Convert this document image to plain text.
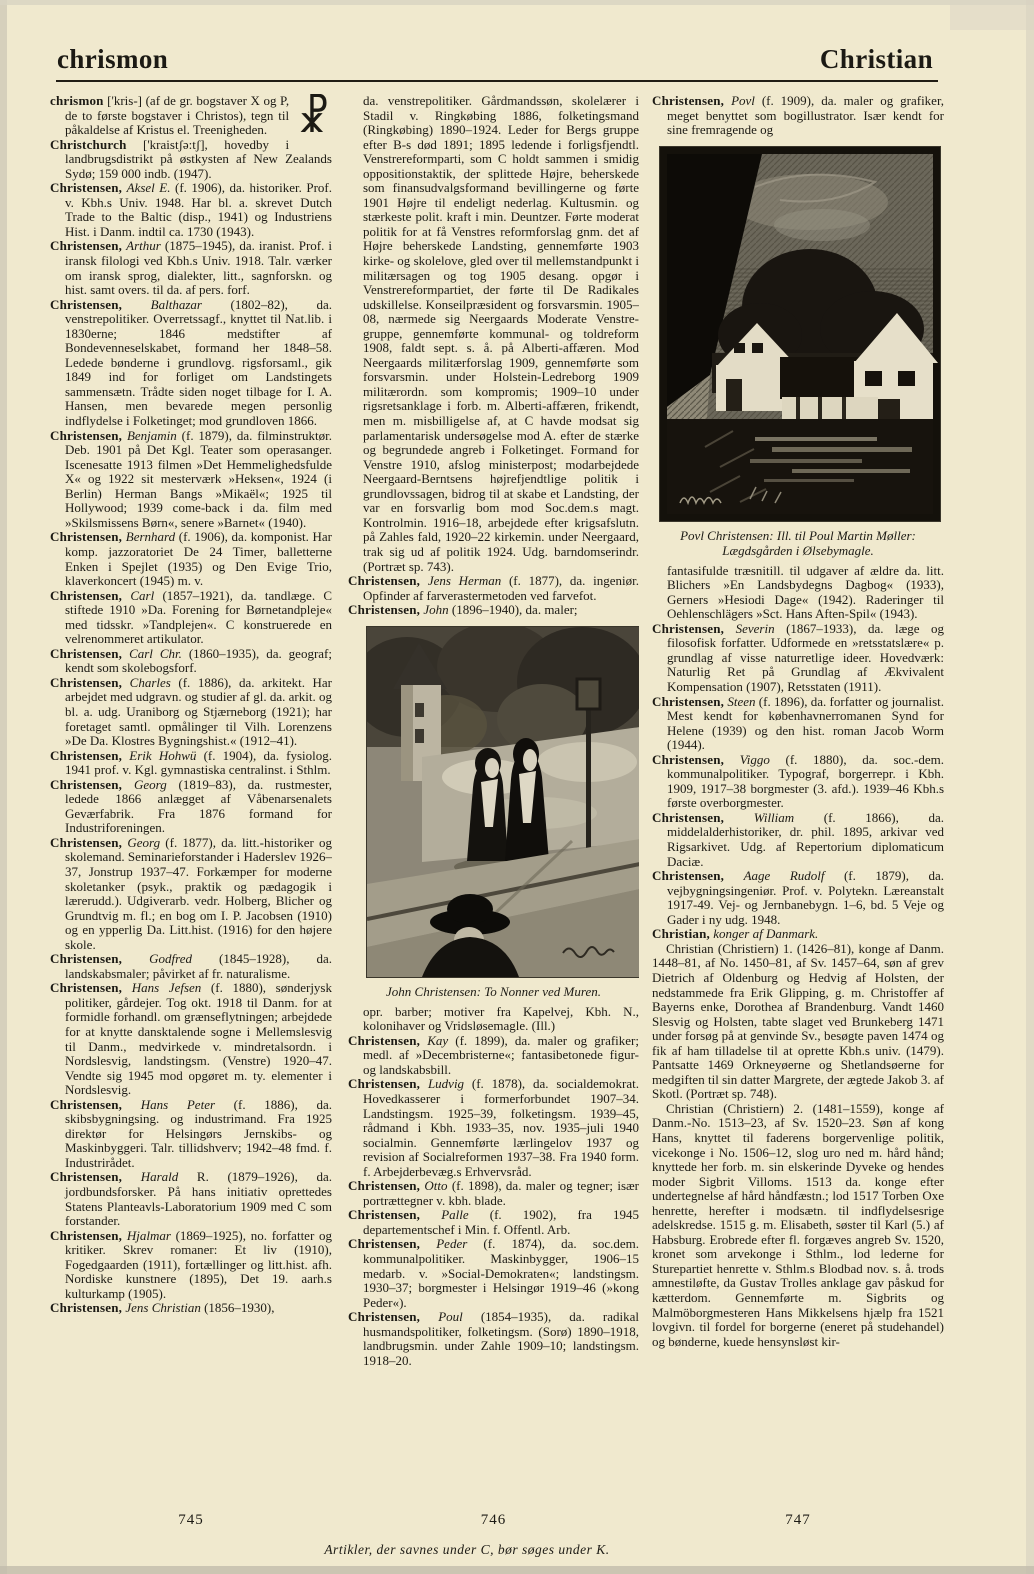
chrismon	Christian
☧
chrismon ['kris-] (af de gr. bogstaver X og P, de to første bogstaver i Christos), tegn til påkaldelse af Kristus el. Treenigheden.
Christchurch ['kraistʃə:tʃ], hovedby i landbrugsdistrikt på østkysten af New Zealands Sydø; 159 000 indb. (1947).
Christensen, Aksel E. (f. 1906), da. historiker. Prof. v. Kbh.s Univ. 1948. Har bl. a. skrevet Dutch Trade to the Baltic (disp., 1941) og Industriens Hist. i Danm. indtil ca. 1730 (1943).
Christensen, Arthur (1875–1945), da. iranist. Prof. i iransk filologi ved Kbh.s Univ. 1918. Talr. værker om iransk sprog, dialekter, litt., sagnforskn. og hist. samt overs. til da. af pers. forf.
Christensen, Balthazar (1802–82), da. venstrepolitiker. Overretssagf., knyttet til Nat.lib. i 1830erne; 1846 medstifter af Bondevenneselskabet, formand her 1848–58. Ledede bønderne i grundlovg. rigsforsaml., gik 1849 ind for forliget om Landstingets sammensætn. Trådte siden noget tilbage for I. A. Hansen, men bevarede megen personlig indflydelse i Folketinget; mod grundloven 1866.
Christensen, Benjamin (f. 1879), da. filminstruktør. Deb. 1901 på Det Kgl. Teater som operasanger. Iscenesatte 1913 filmen »Det Hemmelighedsfulde X« og 1922 sit mesterværk »Heksen«, 1924 (i Berlin) Herman Bangs »Mikaël«; 1925 til Hollywood; 1939 come-back i da. film med »Skilsmissens Børn«, senere »Barnet« (1940).
Christensen, Bernhard (f. 1906), da. komponist. Har komp. jazzoratoriet De 24 Timer, balletterne Enken i Spejlet (1935) og Den Evige Trio, klaverkoncert (1945) m. v.
Christensen, Carl (1857–1921), da. tandlæge. C stiftede 1910 »Da. Forening for Børnetandpleje« med tidsskr. »Tandplejen«. C konstruerede en velrenommeret artikulator.
Christensen, Carl Chr. (1860–1935), da. geograf; kendt som skolebogsforf.
Christensen, Charles (f. 1886), da. arkitekt. Har arbejdet med udgravn. og studier af gl. da. arkit. og bl. a. udg. Uraniborg og Stjærneborg (1921); har foretaget samtl. opmålinger til Vilh. Lorenzens »De Da. Klostres Bygningshist.« (1912–41).
Christensen, Erik Hohwü (f. 1904), da. fysiolog. 1941 prof. v. Kgl. gymnastiska centralinst. i Sthlm.
Christensen, Georg (1819–83), da. rustmester, ledede 1866 anlægget af Våbenarsenalets Geværfabrik. Fra 1876 formand for Industriforeningen.
Christensen, Georg (f. 1877), da. litt.-historiker og skolemand. Seminarieforstander i Haderslev 1926–37, Jonstrup 1937–47. Forkæmper for moderne skoletanker (psyk., praktik og pædagogik i lærerudd.). Udgiverarb. vedr. Holberg, Blicher og Grundtvig m. fl.; en bog om I. P. Jacobsen (1910) og en ypperlig Da. Litt.hist. (1916) for den højere skole.
Christensen, Godfred (1845–1928), da. landskabsmaler; påvirket af fr. naturalisme.
Christensen, Hans Jefsen (f. 1880), sønderjysk politiker, gårdejer. Tog okt. 1918 til Danm. for at formidle forhandl. om grænseflytningen; arbejdede for at knytte dansktalende sogne i Mellemslesvig til Danm., medvirkede v. mindretalsordn. i Nordslesvig, landstingsm. (Venstre) 1920–47. Vendte sig 1945 mod opgøret m. ty. elementer i Nordslesvig.
Christensen, Hans Peter (f. 1886), da. skibsbygningsing. og industrimand. Fra 1925 direktør for Helsingørs Jernskibs- og Maskinbyggeri. Talr. tillidshverv; 1942–48 fmd. f. Industrirådet.
Christensen, Harald R. (1879–1926), da. jordbundsforsker. På hans initiativ oprettedes Statens Planteavls-Laboratorium 1909 med C som forstander.
Christensen, Hjalmar (1869–1925), no. forfatter og kritiker. Skrev romaner: Et liv (1910), Fogedgaarden (1911), fortællinger og litt.hist. afh. Nordiske kunstnere (1895), Det 19. aarh.s kulturkamp (1905).
Christensen, Jens Christian (1856–1930),
da. venstrepolitiker. Gårdmandssøn, skolelærer i Stadil v. Ringkøbing 1886, folketingsmand (Ringkøbing) 1890–1924. Leder for Bergs gruppe efter B-s død 1891; 1895 ledende i forligsfjendtl. Venstrereformparti, som C holdt sammen i smidig oppositionstaktik, der splittede Højre, beherskede som finansudvalgsformand bevillingerne og førte 1901 Højre til endeligt nederlag. Kultusmin. og stærkeste polit. kraft i min. Deuntzer. Førte moderat politik for at få Venstres reformforslag gnm. det af Højre beherskede Landsting, gennemførte 1903 kirke- og skolelove, gled over til mellemstandpunkt i militærsagen og tog 1905 desang. opgør i Venstrereformpartiet, der førte til De Radikales udskillelse. Konseilpræsident og forsvarsmin. 1905–08, nærmede sig Neergaards Moderate Venstre-gruppe, gennemførte kommunal- og toldreform 1908, faldt sept. s. å. på Alberti-affæren. Mod Neergaards militærforslag 1909, gennemførte som forsvarsmin. under Holstein-Ledreborg 1909 militærordn. som kompromis; 1909–10 under rigsretsanklage i forb. m. Alberti-affæren, frikendt, men m. misbilligelse af, at C havde modsat sig parlamentarisk undersøgelse mod A. efter de stærke og begrundede angreb i Folketinget. Formand for Venstre 1910, afslog ministerpost; modarbejdede Neergaard-Berntsens højrefjendtlige politik i grundlovssagen, bidrog til at skabe et Landsting, der var en forsvarlig bom mod Soc.dem.s magt. Kontrolmin. 1916–18, arbejdede efter krigsafslutn. på Zahles fald, 1920–22 kirkemin. under Neergaard, trak sig ud af politik 1924. Udg. barndomserindr. (Portræt sp. 743).
Christensen, Jens Herman (f. 1877), da. ingeniør. Opfinder af farverastermetoden ved farvefot.
Christensen, John (1896–1940), da. maler;
John Christensen: To Nonner ved Muren.
opr. barber; motiver fra Kapelvej, Kbh. N., kolonihaver og Vridsløsemagle. (Ill.)
Christensen, Kay (f. 1899), da. maler og grafiker; medl. af »Decembristerne«; fantasibetonede figur- og landskabsbill.
Christensen, Ludvig (f. 1878), da. socialdemokrat. Hovedkasserer i formerforbundet 1907–34. Landstingsm. 1925–39, folketingsm. 1939–45, rådmand i Kbh. 1933–35, nov. 1935–juli 1940 socialmin. Gennemførte lærlingelov 1937 og revision af Socialreformen 1937–38. Fra 1940 form. f. Arbejderbevæg.s Erhvervsråd.
Christensen, Otto (f. 1898), da. maler og tegner; især portrættegner v. kbh. blade.
Christensen, Palle (f. 1902), fra 1945 departementschef i Min. f. Offentl. Arb.
Christensen, Peder (f. 1874), da. soc.dem. kommunalpolitiker. Maskinbygger, 1906–15 medarb. v. »Social-Demokraten«; landstingsm. 1930–37; borgmester i Helsingør 1919–46 (»kong Peder«).
Christensen, Poul (1854–1935), da. radikal husmandspolitiker, folketingsm. (Sorø) 1890–1918, landbrugsmin. under Zahle 1909–10; landstingsm. 1918–20.
Christensen, Povl (f. 1909), da. maler og grafiker, meget benyttet som bogillustrator. Især kendt for sine fremragende og
Povl Christensen: Ill. til Poul Martin Møller: Lægdsgården i Ølsebymagle.
fantasifulde træsnitill. til udgaver af ældre da. litt. Blichers »En Landsbydegns Dagbog« (1933), Gerners »Hesiodi Dage« (1942). Raderinger til Oehlenschlägers »Sct. Hans Aften-Spil« (1943).
Christensen, Severin (1867–1933), da. læge og filosofisk forfatter. Udformede en »retsstatslære« p. grundlag af visse naturretlige ideer. Hovedværk: Naturlig Ret på Grundlag af Ækvivalent Kompensation (1907), Retsstaten (1911).
Christensen, Steen (f. 1896), da. forfatter og journalist. Mest kendt for københavnerromanen Synd for Helene (1939) og den hist. roman Jacob Worm (1944).
Christensen, Viggo (f. 1880), da. soc.-dem. kommunalpolitiker. Typograf, borgerrepr. i Kbh. 1909, 1917–38 borgmester (3. afd.). 1939–46 Kbh.s første overborgmester.
Christensen, William (f. 1866), da. middelalderhistoriker, dr. phil. 1895, arkivar ved Rigsarkivet. Udg. af Repertorium diplomaticum Daciæ.
Christensen, Aage Rudolf (f. 1879), da. vejbygningsingeniør. Prof. v. Polytekn. Læreanstalt 1917-49. Vej- og Jernbanebygn. 1–6, bd. 5 Veje og Gader i ny udg. 1948.
Christian, konger af Danmark.
Christian (Christiern) 1. (1426–81), konge af Danm. 1448–81, af No. 1450–81, af Sv. 1457–64, søn af grev Dietrich af Oldenburg og Hedvig af Holsten, der nedstammede fra Erik Glipping, g. m. Christoffer af Bayerns enke, Dorothea af Brandenburg. Vandt 1460 Slesvig og Holsten, tabte slaget ved Brunkeberg 1471 under forsøg på at genvinde Sv., besøgte paven 1474 og fik af ham tilladelse til at oprette Kbh.s univ. (1479). Pantsatte 1469 Orkneyøerne og Shetlandsøerne for medgiften til sin datter Margrete, der ægtede Jakob 3. af Skotl. (Portræt sp. 748).
Christian (Christiern) 2. (1481–1559), konge af Danm.-No. 1513–23, af Sv. 1520–23. Søn af kong Hans, knyttet til faderens borgervenlige politik, vicekonge i No. 1506–12, slog uro ned m. hård hånd; knyttede her forb. m. sin elskerinde Dyveke og hendes moder Sigbrit Villoms. 1513 da. konge efter undertegnelse af hård håndfæstn.; lod 1517 Torben Oxe henrette, herefter i modsætn. til indflydelsesrige adelskredse. 1515 g. m. Elisabeth, søster til Karl (5.) af Habsburg. Erobrede efter fl. forgæves angreb Sv. 1520, kronet som arvekonge i Sthlm., lod lederne for Sturepartiet henrette v. Sthlm.s Blodbad nov. s. å. trods amnestiløfte, da Gustav Trolles anklage gav påskud for kætterdom. Gennemførte m. Sigbrits og Malmöborgmesteren Hans Mikkelsens hjælp fra 1521 lovgivn. til fordel for borgerne (eneret på studehandel) og bønderne, kuede hensynsløst kir-
745	746	747
Artikler, der savnes under C, bør søges under K.
